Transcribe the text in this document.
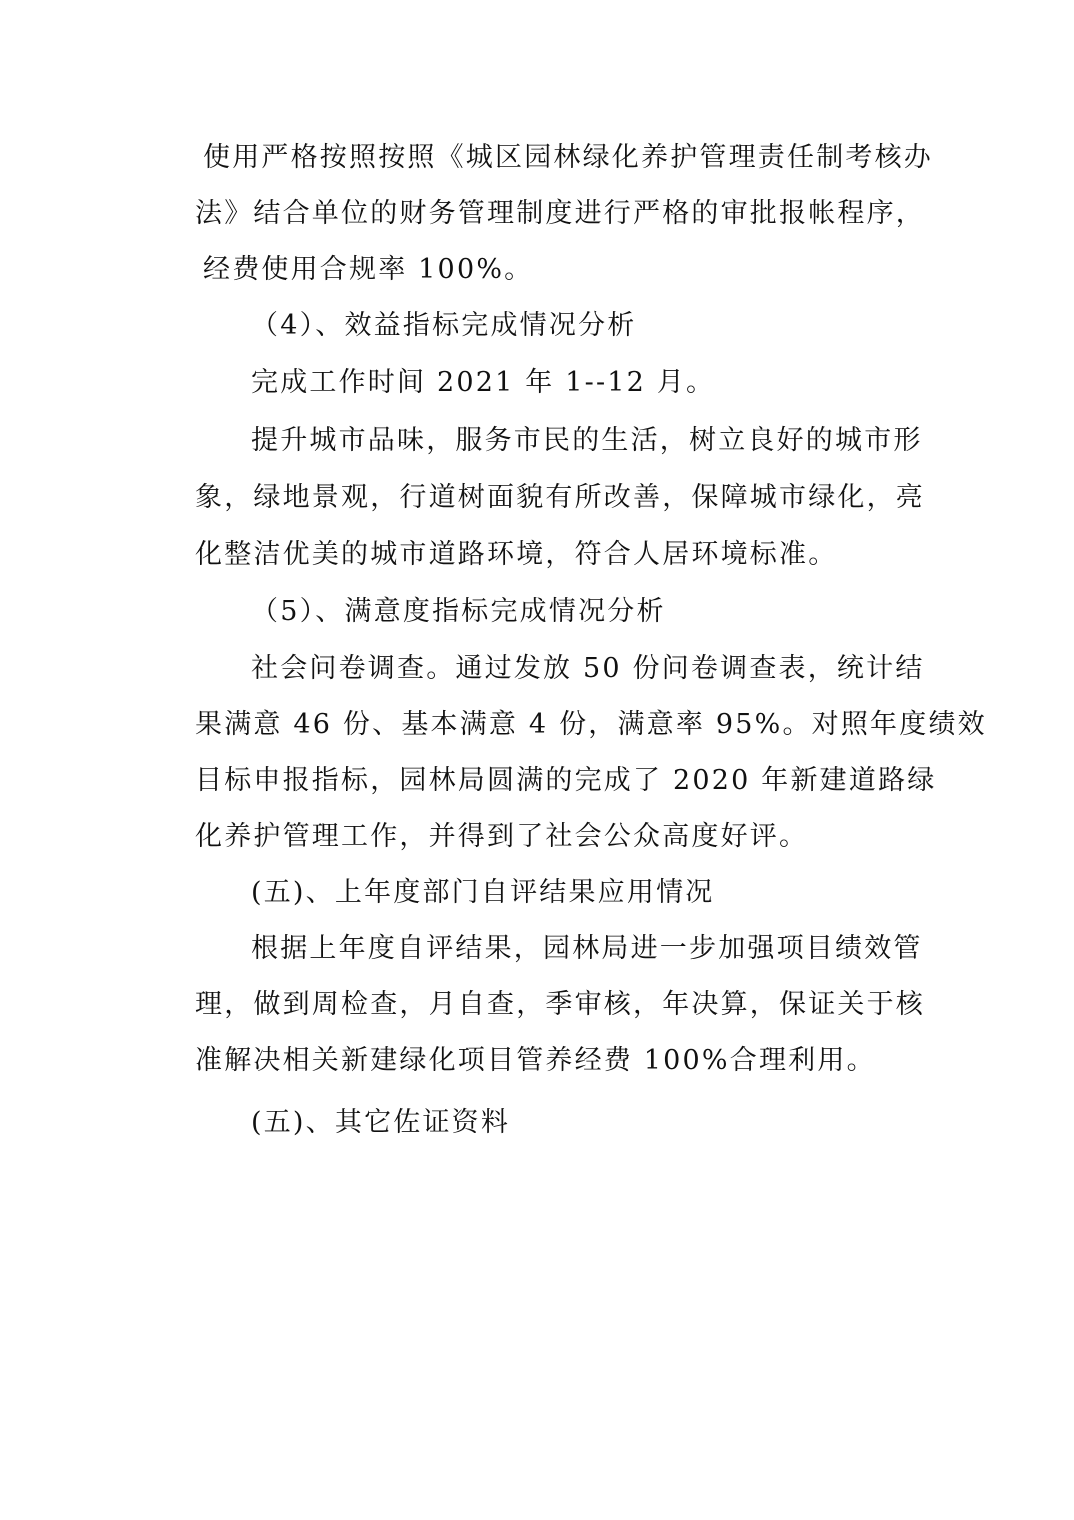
使用严格按照按照《城区园林绿化养护管理责任制考核办
法》结合单位的财务管理制度进行严格的审批报帐程序，
经费使用合规率 100%。
（4）、效益指标完成情况分析
完成工作时间 2021 年 1--12 月。
提升城市品味，服务市民的生活，树立良好的城市形
象，绿地景观，行道树面貌有所改善，保障城市绿化，亮
化整洁优美的城市道路环境，符合人居环境标准。
（5）、满意度指标完成情况分析
社会问卷调查。通过发放 50 份问卷调查表，统计结
果满意 46 份、基本满意 4 份，满意率 95%。对照年度绩效
目标申报指标，园林局圆满的完成了 2020 年新建道路绿
化养护管理工作，并得到了社会公众高度好评。
(五)、上年度部门自评结果应用情况
根据上年度自评结果，园林局进一步加强项目绩效管
理，做到周检查，月自查，季审核，年决算，保证关于核
准解决相关新建绿化项目管养经费 100%合理利用。
(五)、其它佐证资料
